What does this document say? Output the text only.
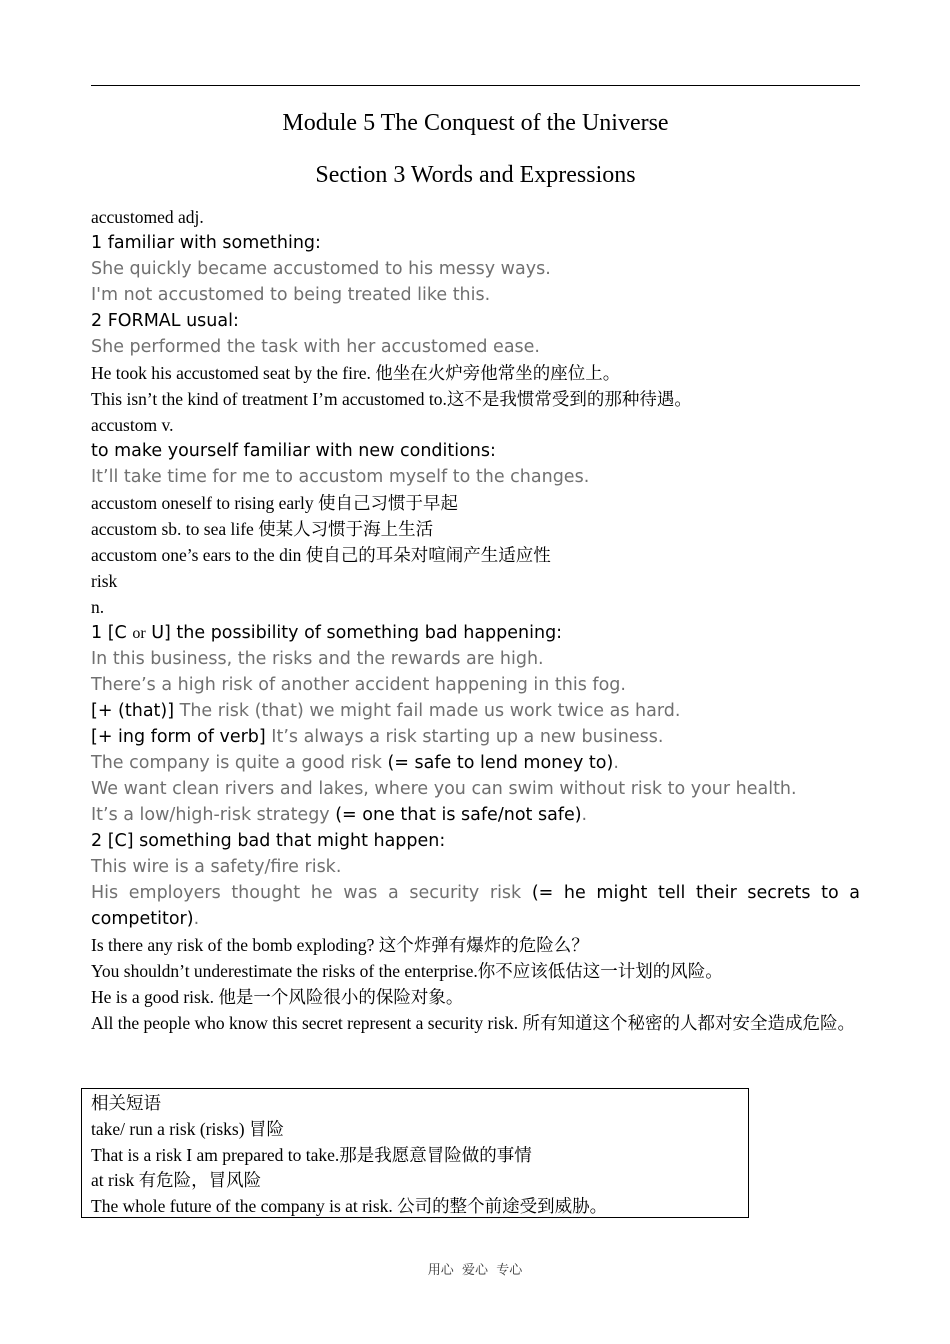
Module 5 The Conquest of the Universe
Section 3 Words and Expressions
accustomed adj.
1 familiar with something:
She quickly became accustomed to his messy ways.
I'm not accustomed to being treated like this.
2 FORMAL usual:
She performed the task with her accustomed ease.
He took his accustomed seat by the fire. 他坐在火炉旁他常坐的座位上。
This isn’t the kind of treatment I’m accustomed to.这不是我惯常受到的那种待遇。
accustom v.
to make yourself familiar with new conditions:
It’ll take time for me to accustom myself to the changes.
accustom oneself to rising early 使自己习惯于早起
accustom sb. to sea life 使某人习惯于海上生活
accustom one’s ears to the din 使自己的耳朵对喧闹产生适应性
risk
n.
1 [C or U] the possibility of something bad happening:
In this business, the risks and the rewards are high.
There’s a high risk of another accident happening in this fog.
[+ (that)] The risk (that) we might fail made us work twice as hard.
[+ ing form of verb] It’s always a risk starting up a new business.
The company is quite a good risk (= safe to lend money to).
We want clean rivers and lakes, where you can swim without risk to your health.
It’s a low/high-risk strategy (= one that is safe/not safe).
2 [C] something bad that might happen:
This wire is a safety/fire risk.
His employers thought he was a security risk (= he might tell their secrets to a competitor).
Is there any risk of the bomb exploding? 这个炸弹有爆炸的危险么？
You shouldn’t underestimate the risks of the enterprise.你不应该低估这一计划的风险。
He is a good risk. 他是一个风险很小的保险对象。
All the people who know this secret represent a security risk. 所有知道这个秘密的人都对安全造成危险。
相关短语
take/ run a risk (risks) 冒险
That is a risk I am prepared to take.那是我愿意冒险做的事情
at risk 有危险，冒风险
The whole future of the company is at risk. 公司的整个前途受到威胁。
用心  爱心  专心
